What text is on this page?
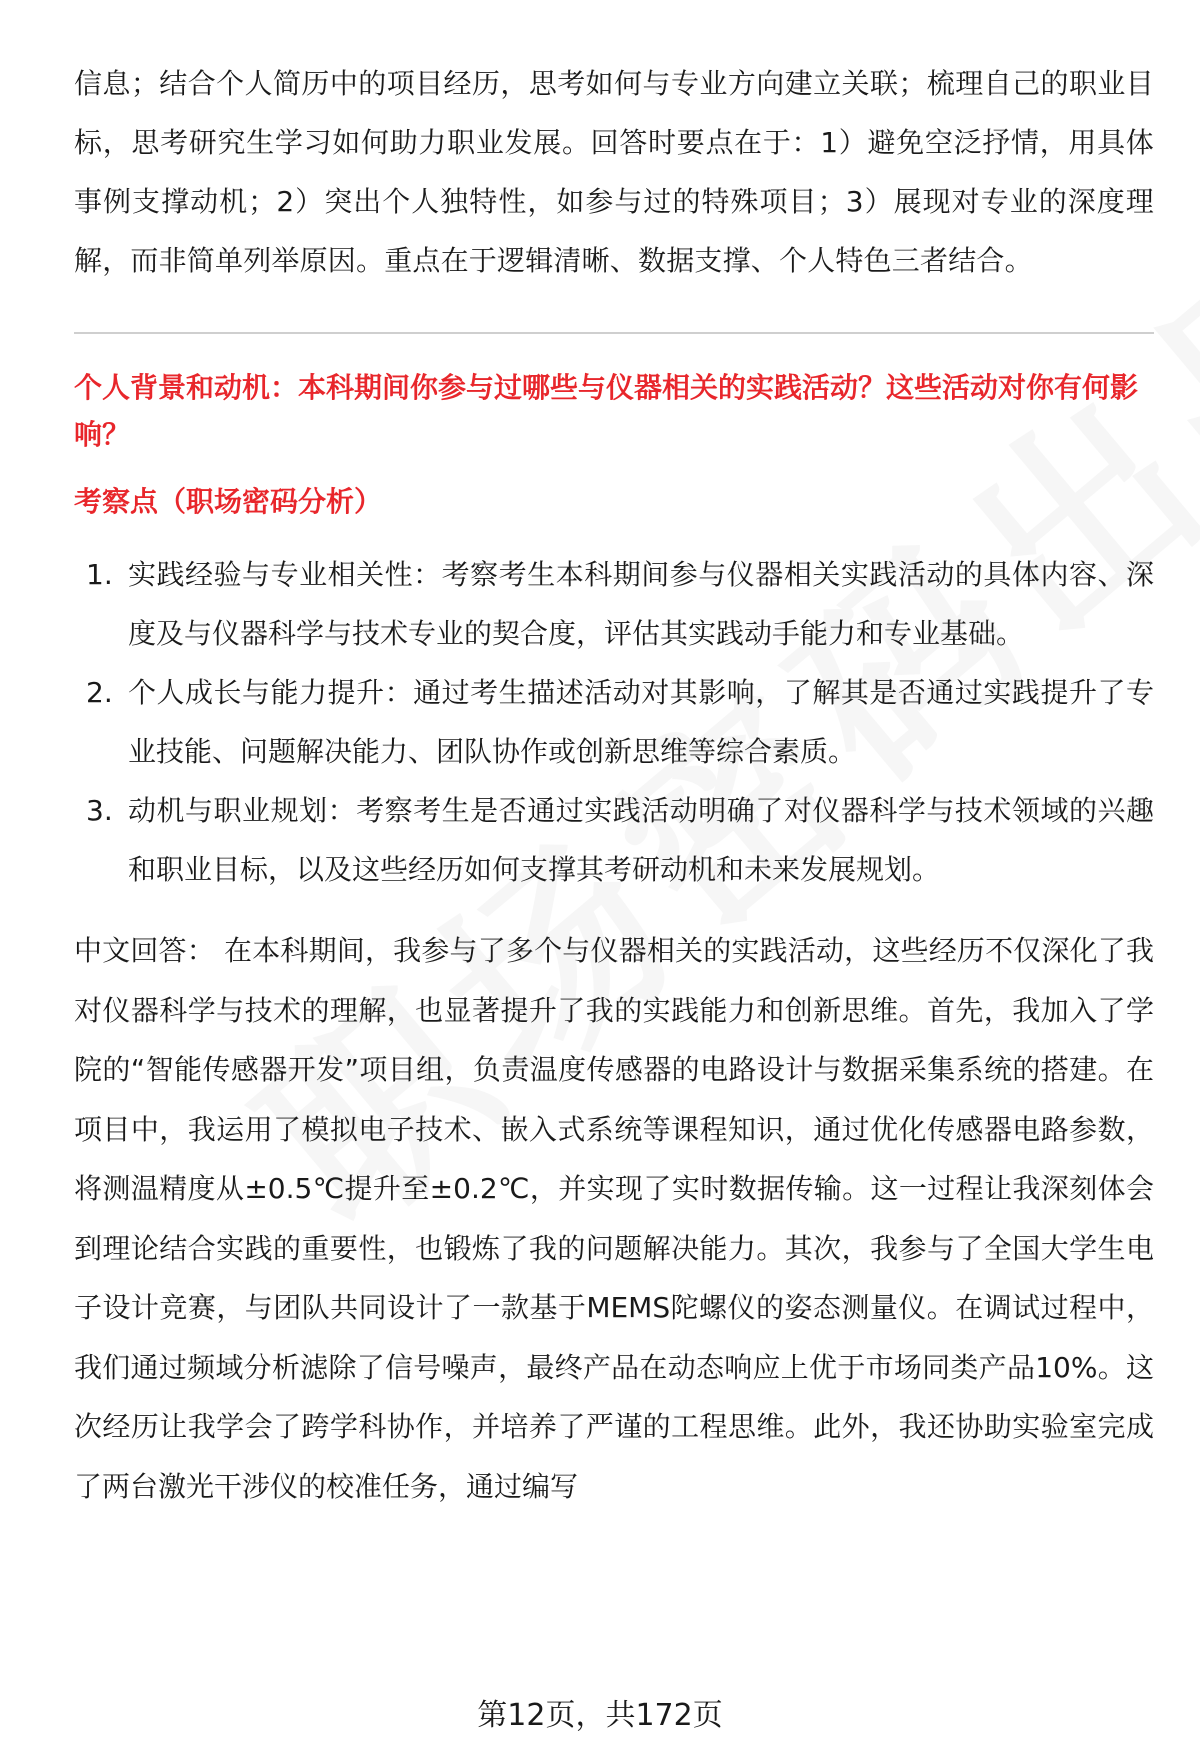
信息；结合个人简历中的项目经历，思考如何与专业方向建立关联；梳理自己的职业目标，思考研究生学习如何助力职业发展。回答时要点在于：1）避免空泛抒情，用具体事例支撑动机；2）突出个人独特性，如参与过的特殊项目；3）展现对专业的深度理解，而非简单列举原因。重点在于逻辑清晰、数据支撑、个人特色三者结合。

个人背景和动机：本科期间你参与过哪些与仪器相关的实践活动？这些活动对你有何影响？

考察点（职场密码分析）

1. 实践经验与专业相关性：考察考生本科期间参与仪器相关实践活动的具体内容、深度及与仪器科学与技术专业的契合度，评估其实践动手能力和专业基础。
2. 个人成长与能力提升：通过考生描述活动对其影响，了解其是否通过实践提升了专业技能、问题解决能力、团队协作或创新思维等综合素质。
3. 动机与职业规划：考察考生是否通过实践活动明确了对仪器科学与技术领域的兴趣和职业目标，以及这些经历如何支撑其考研动机和未来发展规划。

中文回答： 在本科期间，我参与了多个与仪器相关的实践活动，这些经历不仅深化了我对仪器科学与技术的理解，也显著提升了我的实践能力和创新思维。首先，我加入了学院的“智能传感器开发”项目组，负责温度传感器的电路设计与数据采集系统的搭建。在项目中，我运用了模拟电子技术、嵌入式系统等课程知识，通过优化传感器电路参数，将测温精度从±0.5℃提升至±0.2℃，并实现了实时数据传输。这一过程让我深刻体会到理论结合实践的重要性，也锻炼了我的问题解决能力。其次，我参与了全国大学生电子设计竞赛，与团队共同设计了一款基于MEMS陀螺仪的姿态测量仪。在调试过程中，我们通过频域分析滤除了信号噪声，最终产品在动态响应上优于市场同类产品10%。这次经历让我学会了跨学科协作，并培养了严谨的工程思维。此外，我还协助实验室完成了两台激光干涉仪的校准任务，通过编写

第12页，共172页
